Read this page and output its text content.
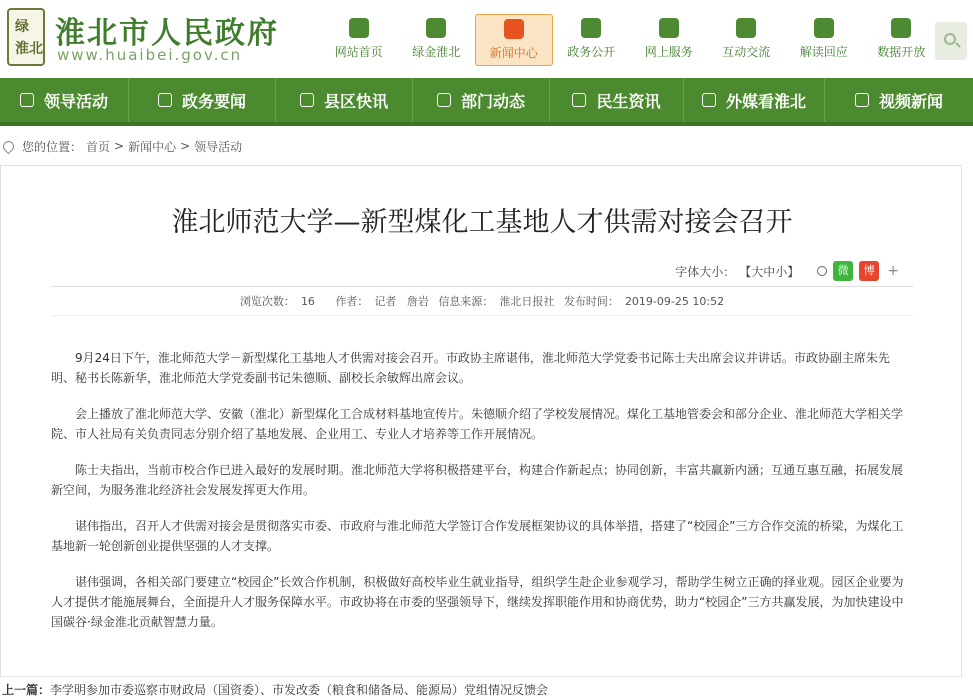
绿
淮北 淮北市人民政府
www.huaibei.gov.cn	网站首页	绿金淮北	新闻中心	政务公开	网上服务	互动交流	解读回应	数据开放
领导活动	政务要闻	县区快讯	部门动态	民生资讯	外媒看淮北	视频新闻
您的位置： 首页 > 新闻中心 > 领导活动
淮北师范大学—新型煤化工基地人才供需对接会召开
字体大小： 【大中小】	微	博 +
浏览次数： 16 作者： 记者   詹岩 信息来源： 淮北日报社 发布时间： 2019-09-25 10:52

9月24日下午，淮北师范大学－新型煤化工基地人才供需对接会召开。市政协主席谌伟，淮北师范大学党委书记陈士夫出席会议并讲话。市政协副主席朱先明、秘书长陈新华，淮北师范大学党委副书记朱德顺、副校长余敏辉出席会议。

会上播放了淮北师范大学、安徽（淮北）新型煤化工合成材料基地宣传片。朱德顺介绍了学校发展情况。煤化工基地管委会和部分企业、淮北师范大学相关学院、市人社局有关负责同志分别介绍了基地发展、企业用工、专业人才培养等工作开展情况。

陈士夫指出，当前市校合作已进入最好的发展时期。淮北师范大学将积极搭建平台，构建合作新起点；协同创新，丰富共赢新内涵；互通互惠互融，拓展发展新空间，为服务淮北经济社会发展发挥更大作用。

谌伟指出，召开人才供需对接会是贯彻落实市委、市政府与淮北师范大学签订合作发展框架协议的具体举措，搭建了“校园企”三方合作交流的桥梁，为煤化工基地新一轮创新创业提供坚强的人才支撑。

谌伟强调，各相关部门要建立“校园企”长效合作机制，积极做好高校毕业生就业指导，组织学生赴企业参观学习，帮助学生树立正确的择业观。园区企业要为人才提供才能施展舞台，全面提升人才服务保障水平。市政协将在市委的坚强领导下，继续发挥职能作用和协商优势，助力“校园企”三方共赢发展，为加快建设中国碳谷·绿金淮北贡献智慧力量。

上一篇：李学明参加市委巡察市财政局（国资委）、市发改委（粮食和储备局、能源局）党组情况反馈会
